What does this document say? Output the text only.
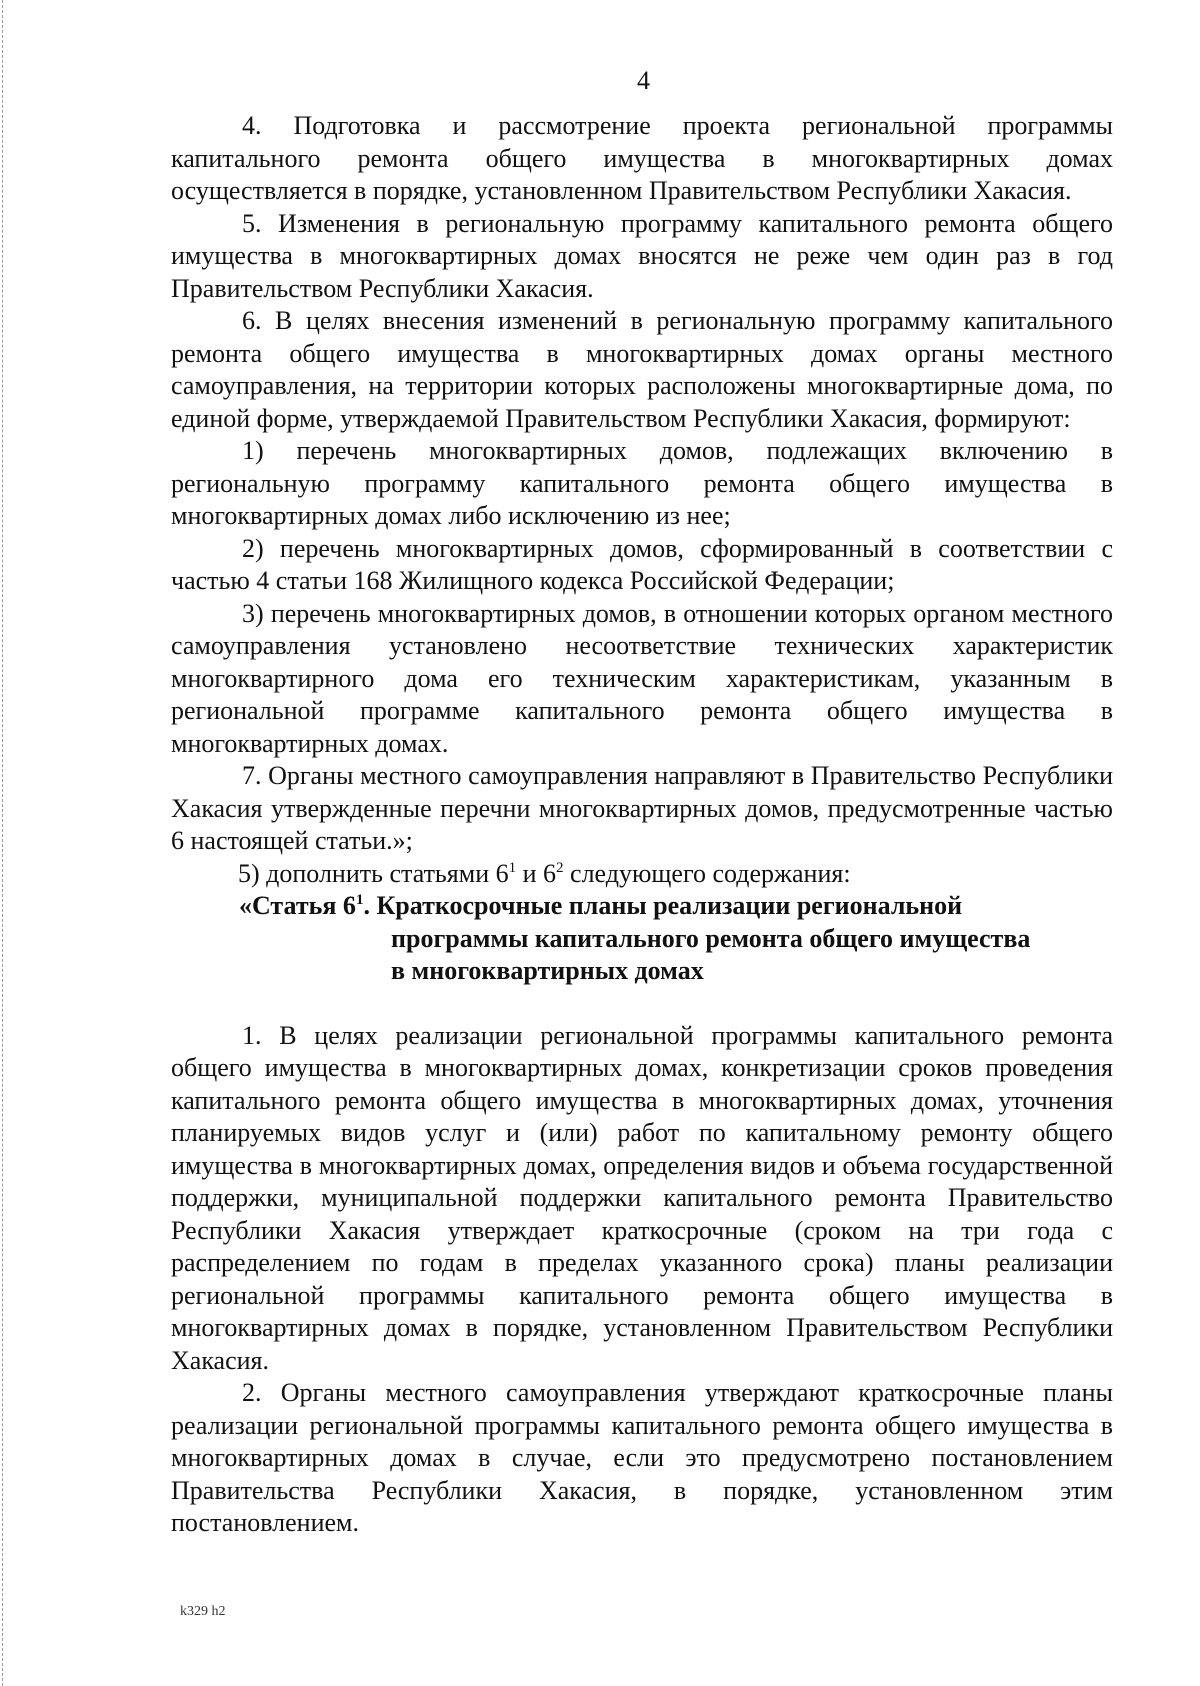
4

4. Подготовка и рассмотрение проекта региональной программы капитального ремонта общего имущества в многоквартирных домах осуществляется в порядке, установленном Правительством Республики Хакасия.

5. Изменения в региональную программу капитального ремонта общего имущества в многоквартирных домах вносятся не реже чем один раз в год Правительством Республики Хакасия.

6. В целях внесения изменений в региональную программу капитального ремонта общего имущества в многоквартирных домах органы местного самоуправления, на территории которых расположены многоквартирные дома, по единой форме, утверждаемой Правительством Республики Хакасия, формируют:

1) перечень многоквартирных домов, подлежащих включению в региональную программу капитального ремонта общего имущества в многоквартирных домах либо исключению из нее;

2) перечень многоквартирных домов, сформированный в соответствии с частью 4 статьи 168 Жилищного кодекса Российской Федерации;

3) перечень многоквартирных домов, в отношении которых органом местного самоуправления установлено несоответствие технических характеристик многоквартирного дома его техническим характеристикам, указанным в региональной программе капитального ремонта общего имущества в многоквартирных домах.

7. Органы местного самоуправления направляют в Правительство Республики Хакасия утвержденные перечни многоквартирных домов, предусмотренные частью 6 настоящей статьи.»;

5) дополнить статьями $6^1$ и $6^2$ следующего содержания:

«Статья $6^1$. Краткосрочные планы реализации региональной
программы капитального ремонта общего имущества
в многоквартирных домах

1. В целях реализации региональной программы капитального ремонта общего имущества в многоквартирных домах, конкретизации сроков проведения капитального ремонта общего имущества в многоквартирных домах, уточнения планируемых видов услуг и (или) работ по капитальному ремонту общего имущества в многоквартирных домах, определения видов и объема государственной поддержки, муниципальной поддержки капитального ремонта Правительство Республики Хакасия утверждает краткосрочные (сроком на три года с распределением по годам в пределах указанного срока) планы реализации региональной программы капитального ремонта общего имущества в многоквартирных домах в порядке, установленном Правительством Республики Хакасия.

2. Органы местного самоуправления утверждают краткосрочные планы реализации региональной программы капитального ремонта общего имущества в многоквартирных домах в случае, если это предусмотрено постановлением Правительства Республики Хакасия, в порядке, установленном этим постановлением.

k329 h2
